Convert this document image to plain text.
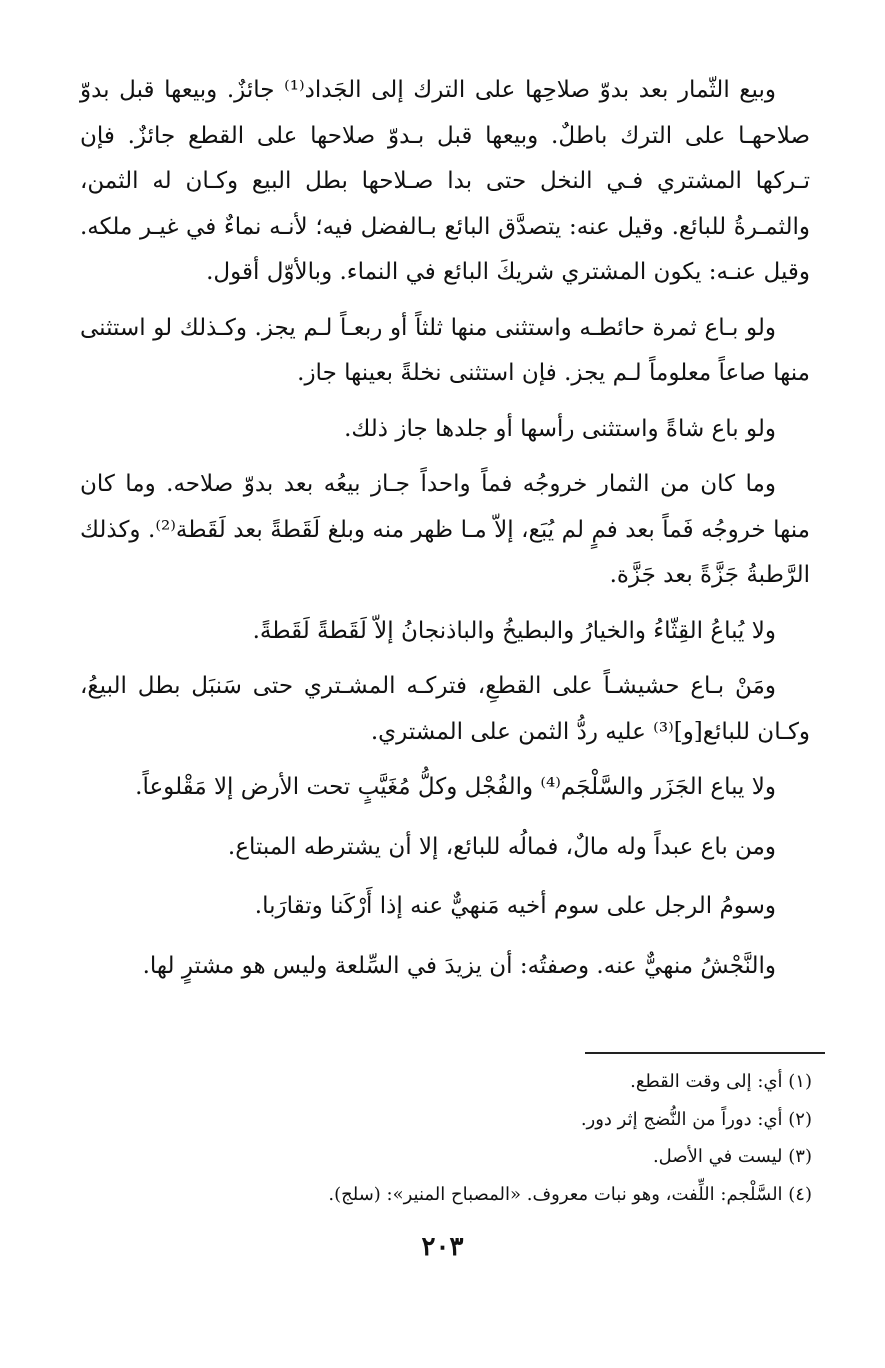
وبيع الثّمار بعد بدوّ صلاحِها على الترك إلى الجَداد⁽¹⁾ جائزٌ. وبيعها قبل بدوّ صلاحهـا على الترك باطلٌ. وبيعها قبل بـدوّ صلاحها على القطع جائزٌ. فإن تـركها المشتري فـي النخل حتى بدا صـلاحها بطل البيع وكـان له الثمن، والثمـرةُ للبائع. وقيل عنه: يتصدَّق البائع بـالفضل فيه؛ لأنـه نماءٌ في غيـر ملكه. وقيل عنـه: يكون المشتري شريكَ البائع في النماء. وبالأوّل أقول.

ولو بـاع ثمرة حائطـه واستثنى منها ثلثاً أو ربعـاً لـم يجز. وكـذلك لو استثنى منها صاعاً معلوماً لـم يجز. فإن استثنى نخلةً بعينها جاز.

ولو باع شاةً واستثنى رأسها أو جلدها جاز ذلك.

وما كان من الثمار خروجُه فماً واحداً جـاز بيعُه بعد بدوّ صلاحه. وما كان منها خروجُه فَماً بعد فمٍ لم يُبَع، إلاّ مـا ظهر منه وبلغ لَقَطةً بعد لَقَطة⁽²⁾. وكذلك الرَّطبةُ جَزَّةً بعد جَزَّة.

ولا يُباعُ القِثّاءُ والخيارُ والبطيخُ والباذنجانُ إلاّ لَقَطةً لَقَطةً.

ومَنْ بـاع حشيشـاً على القطعِ، فتركـه المشـتري حتى سَنبَل بطل البيعُ، وكـان للبائع[و]⁽³⁾ عليه ردُّ الثمن على المشتري.

ولا يباع الجَزَر والسَّلْجَم⁽⁴⁾ والفُجْل وكلُّ مُغَيَّبٍ تحت الأرض إلا مَقْلوعاً.

ومن باع عبداً وله مالٌ، فمالُه للبائع، إلا أن يشترطه المبتاع.

وسومُ الرجل على سوم أخيه مَنهيٌّ عنه إذا أَرْكَنا وتقارَبا.

والنَّجْشُ منهيٌّ عنه. وصفتُه: أن يزيدَ في السِّلعة وليس هو مشترٍ لها.

(١) أي: إلى وقت القطع.
(٢) أي: دوراً من النُّضج إثر دور.
(٣) ليست في الأصل.
(٤) السَّلْجم: اللِّفت، وهو نبات معروف. «المصباح المنير»: (سلج).
٢٠٣
